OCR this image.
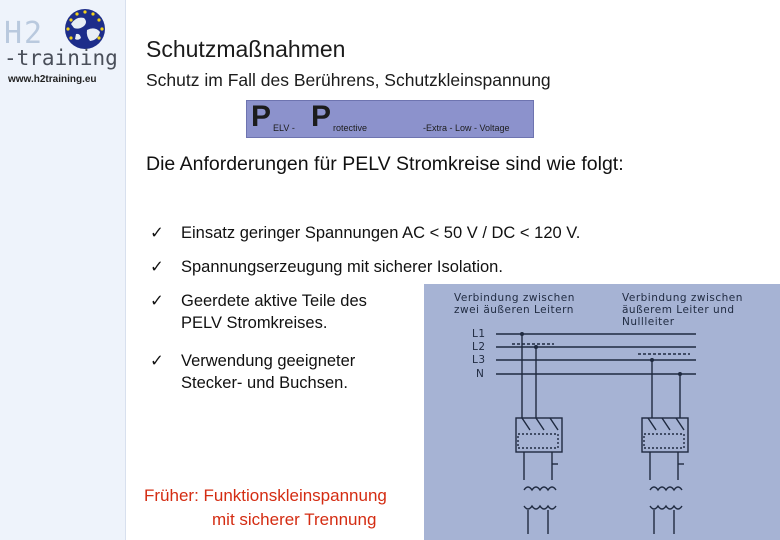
H2
-training
www.h2training.eu
Schutzmaßnahmen
Schutz im Fall des Berührens, Schutzkleinspannung
P ELV - P rotective	-Extra - Low - Voltage
Die Anforderungen für PELV Stromkreise sind wie folgt:
✓ Einsatz geringer Spannungen AC < 50 V / DC < 120 V.
✓ Spannungserzeugung mit sicherer Isolation.
✓ Geerdete aktive Teile des PELV Stromkreises.
✓ Verwendung geeigneter Stecker- und Buchsen.
Früher: Funktionskleinspannung
mit sicherer Trennung
Verbindung zwischen
zwei äußeren Leitern
Verbindung zwischen
äußerem Leiter und
Nullleiter
L1
L2
L3
N
